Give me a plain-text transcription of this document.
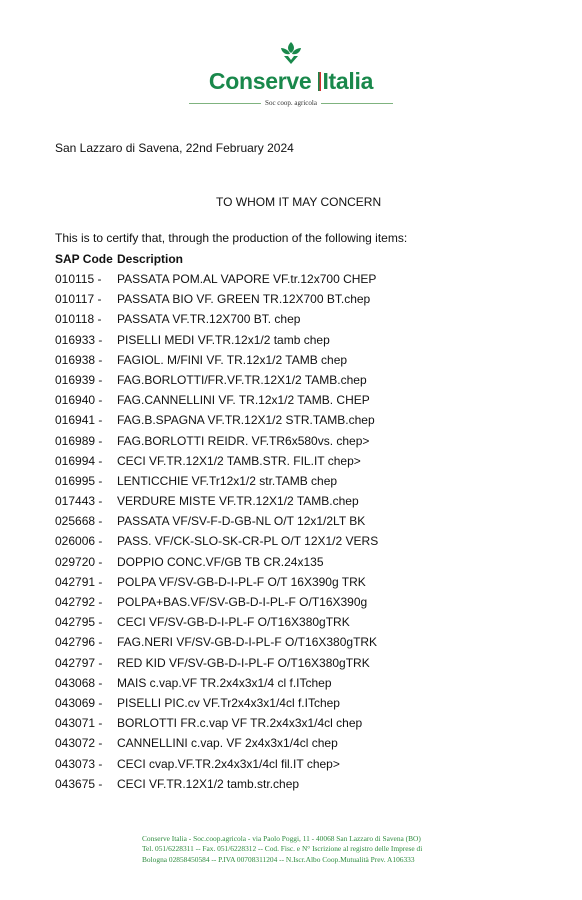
Conserve Italia
Soc coop. agricola
San Lazzaro di Savena, 22nd February 2024
TO WHOM IT MAY CONCERN
This is to certify that, through the production of the following items:
SAP Code Description
010115 - PASSATA POM.AL VAPORE VF.tr.12x700 CHEP
010117 - PASSATA BIO VF. GREEN TR.12X700 BT.chep
010118 - PASSATA VF.TR.12X700 BT. chep
016933 - PISELLI MEDI VF.TR.12x1/2 tamb chep
016938 - FAGIOL. M/FINI VF. TR.12x1/2 TAMB chep
016939 - FAG.BORLOTTI/FR.VF.TR.12X1/2 TAMB.chep
016940 - FAG.CANNELLINI VF. TR.12x1/2 TAMB. CHEP
016941 - FAG.B.SPAGNA VF.TR.12X1/2 STR.TAMB.chep
016989 - FAG.BORLOTTI REIDR. VF.TR6x580vs. chep>
016994 - CECI VF.TR.12X1/2 TAMB.STR. FIL.IT chep>
016995 - LENTICCHIE VF.Tr12x1/2 str.TAMB chep
017443 - VERDURE MISTE VF.TR.12X1/2 TAMB.chep
025668 - PASSATA VF/SV-F-D-GB-NL O/T 12x1/2LT BK
026006 - PASS. VF/CK-SLO-SK-CR-PL O/T 12X1/2 VERS
029720 - DOPPIO CONC.VF/GB TB CR.24x135
042791 - POLPA VF/SV-GB-D-I-PL-F O/T 16X390g TRK
042792 - POLPA+BAS.VF/SV-GB-D-I-PL-F O/T16X390g
042795 - CECI VF/SV-GB-D-I-PL-F O/T16X380gTRK
042796 - FAG.NERI VF/SV-GB-D-I-PL-F O/T16X380gTRK
042797 - RED KID VF/SV-GB-D-I-PL-F O/T16X380gTRK
043068 - MAIS c.vap.VF TR.2x4x3x1/4 cl f.ITchep
043069 - PISELLI PIC.cv VF.Tr2x4x3x1/4cl f.ITchep
043071 - BORLOTTI FR.c.vap VF TR.2x4x3x1/4cl chep
043072 - CANNELLINI c.vap. VF 2x4x3x1/4cl chep
043073 - CECI cvap.VF.TR.2x4x3x1/4cl fil.IT chep>
043675 - CECI VF.TR.12X1/2 tamb.str.chep
Conserve Italia - Soc.coop.agricola - via Paolo Poggi, 11 - 40068 San Lazzaro di Savena (BO)
Tel. 051/6228311 -- Fax. 051/6228312 -- Cod. Fisc. e N° Iscrizione al registro delle Imprese di
Bologna 02858450584 -- P.IVA 00708311204 -- N.Iscr.Albo Coop.Mutualità Prev. A106333
